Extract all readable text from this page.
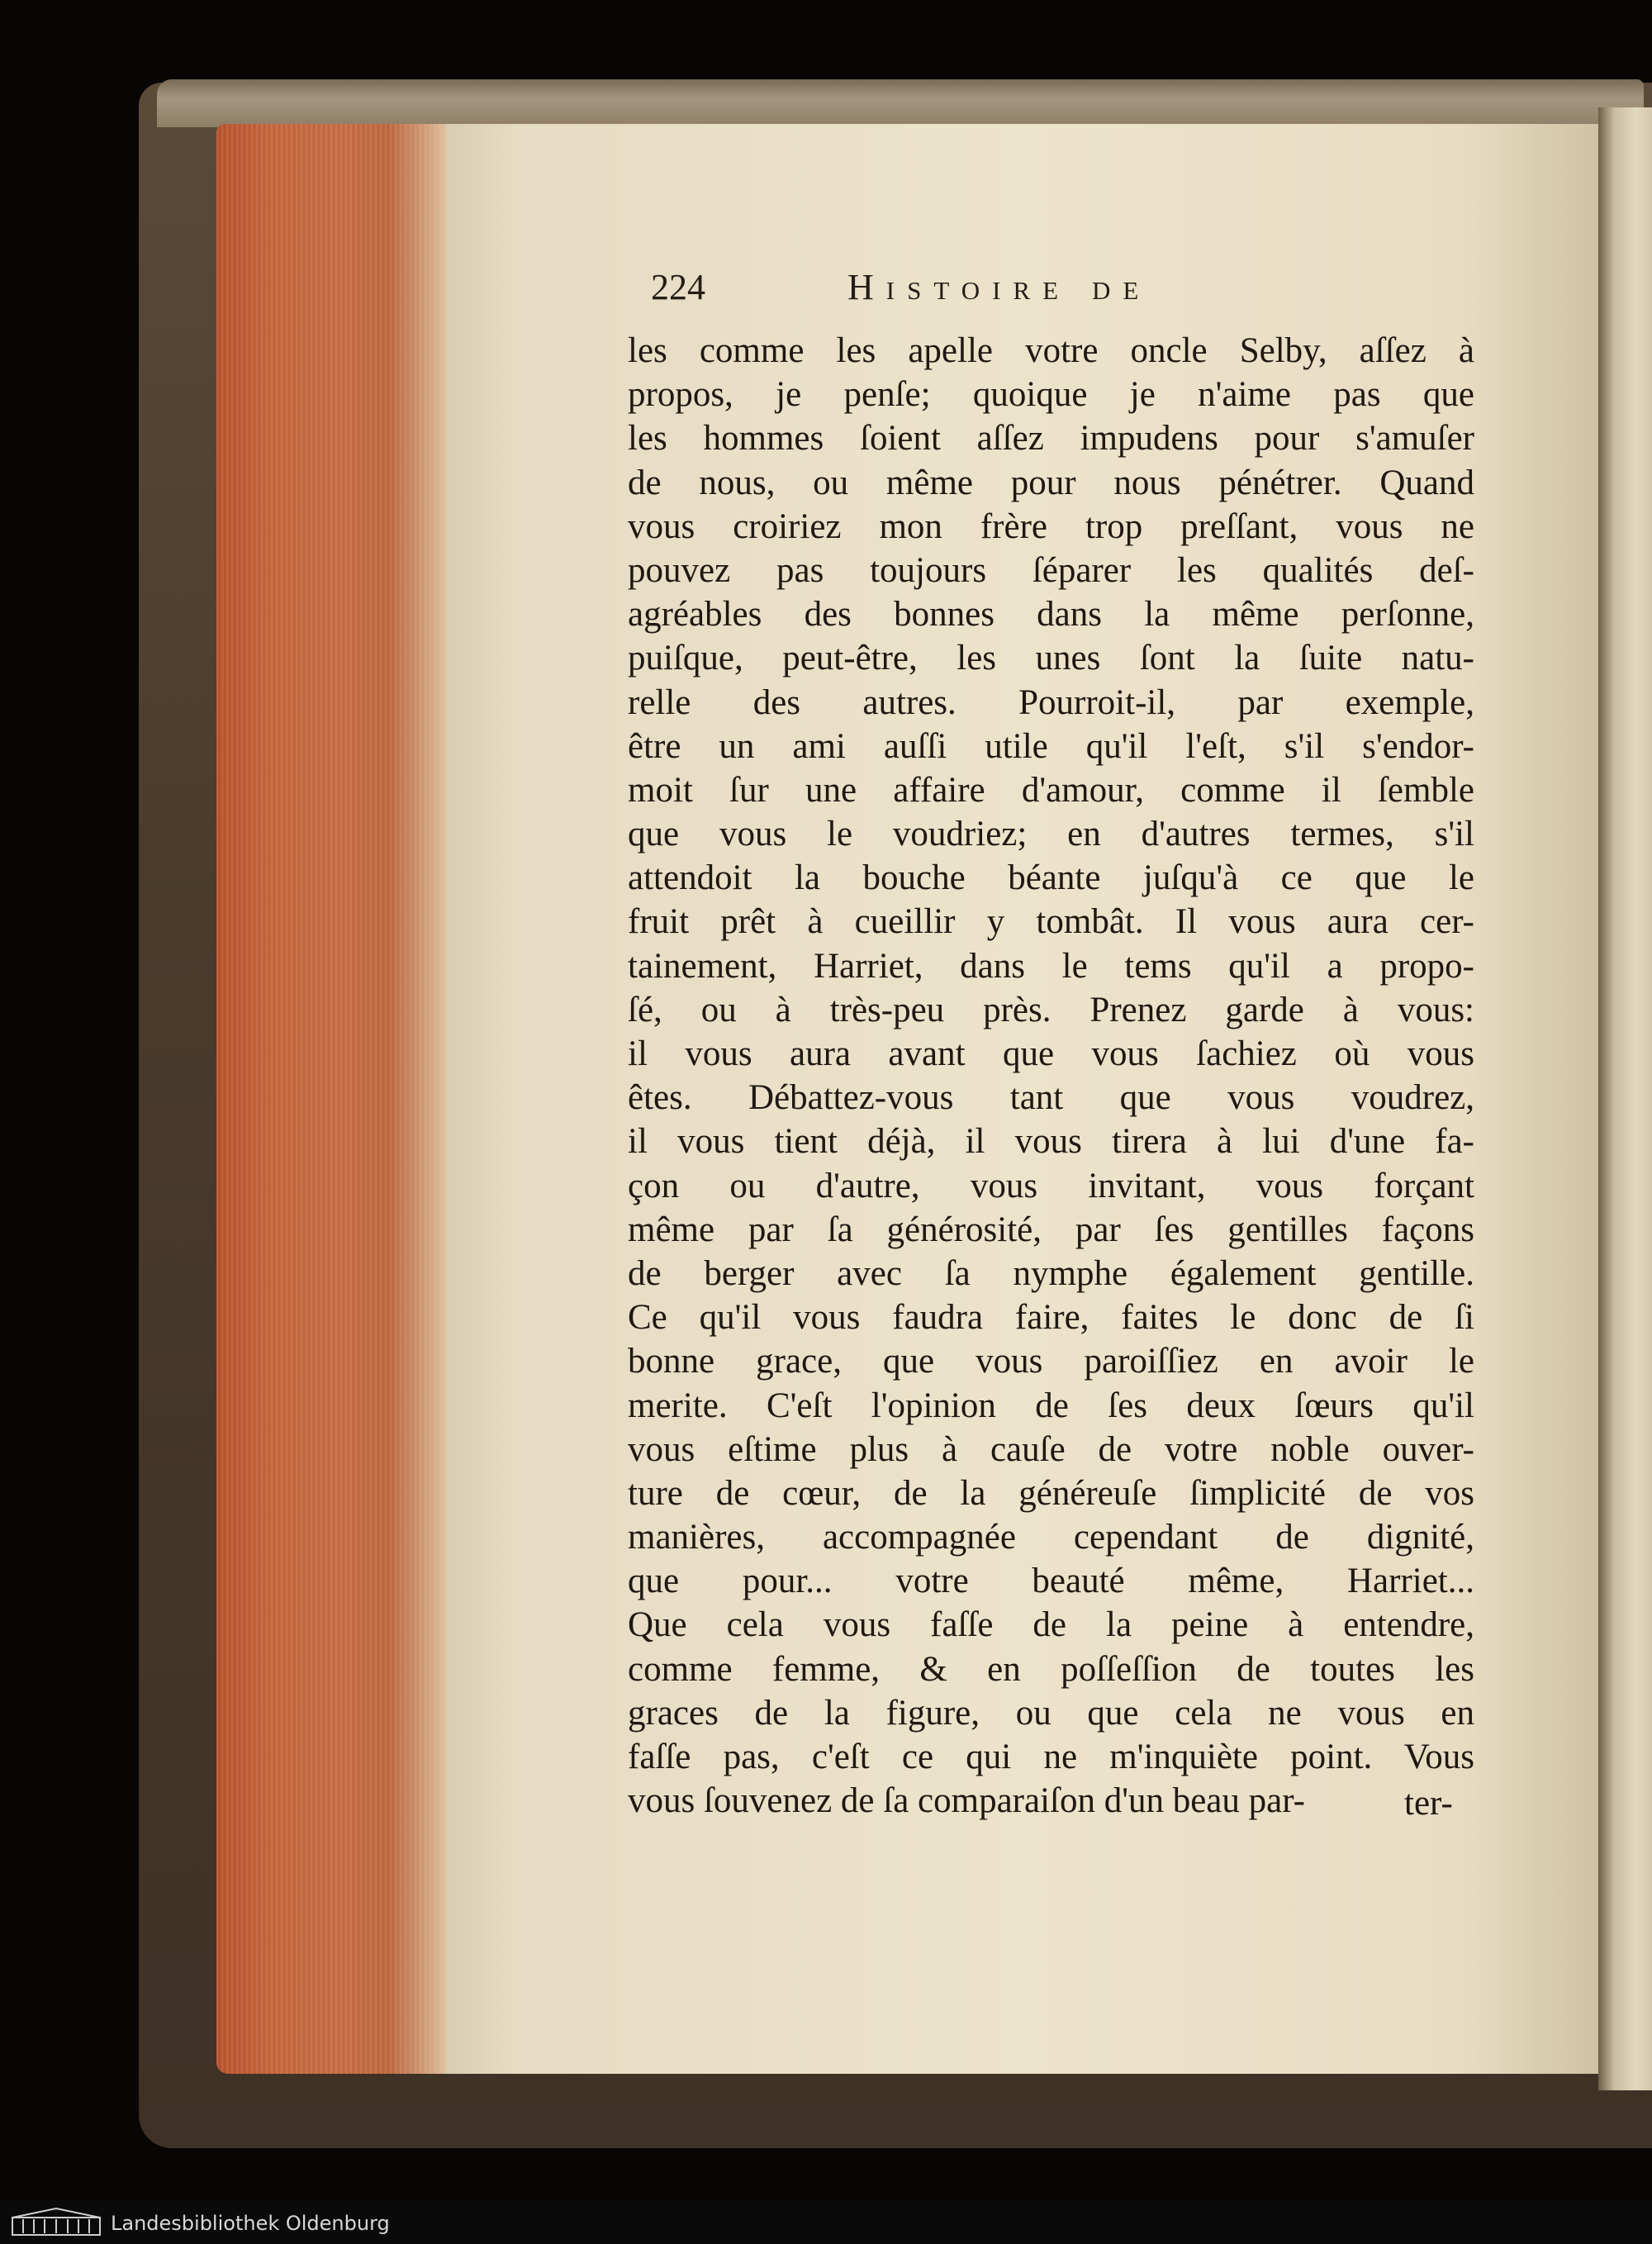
224	Histoire de
les comme les apelle votre oncle Selby, aſſez à
propos, je penſe; quoique je n'aime pas que
les hommes ſoient aſſez impudens pour s'amuſer
de nous, ou même pour nous pénétrer. Quand
vous croiriez mon frère trop preſſant, vous ne
pouvez pas toujours ſéparer les qualités deſ-
agréables des bonnes dans la même perſonne,
puiſque, peut-être, les unes ſont la ſuite natu-
relle des autres. Pourroit-il, par exemple,
être un ami auſſi utile qu'il l'eſt, s'il s'endor-
moit ſur une affaire d'amour, comme il ſemble
que vous le voudriez; en d'autres termes, s'il
attendoit la bouche béante juſqu'à ce que le
fruit prêt à cueillir y tombât. Il vous aura cer-
tainement, Harriet, dans le tems qu'il a propo-
ſé, ou à très-peu près. Prenez garde à vous:
il vous aura avant que vous ſachiez où vous
êtes. Débattez-vous tant que vous voudrez,
il vous tient déjà, il vous tirera à lui d'une fa-
çon ou d'autre, vous invitant, vous forçant
même par ſa générosité, par ſes gentilles façons
de berger avec ſa nymphe également gentille.
Ce qu'il vous faudra faire, faites le donc de ſi
bonne grace, que vous paroiſſiez en avoir le
merite. C'eſt l'opinion de ſes deux ſœurs qu'il
vous eſtime plus à cauſe de votre noble ouver-
ture de cœur, de la généreuſe ſimplicité de vos
manières, accompagnée cependant de dignité,
que pour... votre beauté même, Harriet...
Que cela vous faſſe de la peine à entendre,
comme femme, & en poſſeſſion de toutes les
graces de la figure, ou que cela ne vous en
faſſe pas, c'eſt ce qui ne m'inquiète point. Vous
vous ſouvenez de ſa comparaiſon d'un beau par-	ter-
Landesbibliothek Oldenburg
